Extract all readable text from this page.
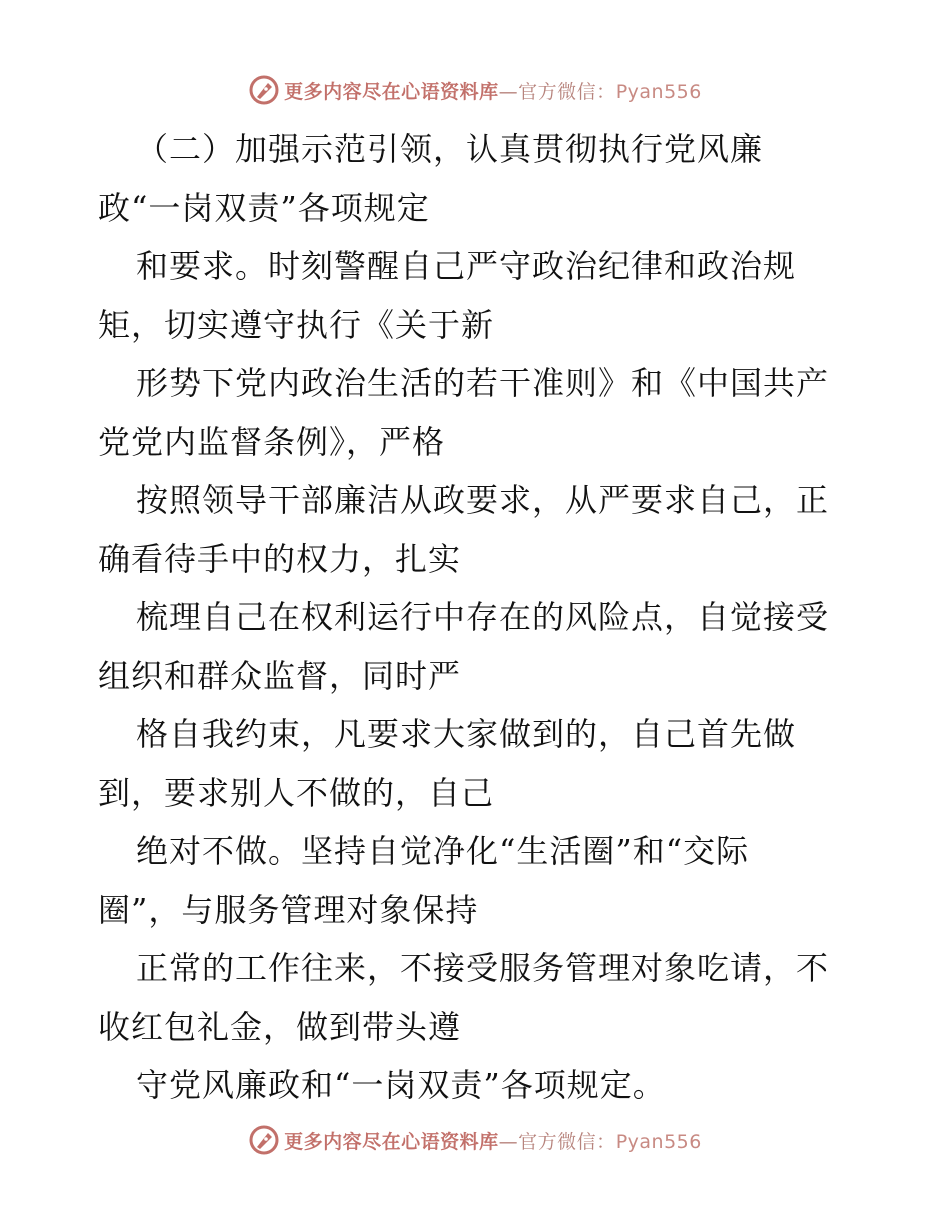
更多内容尽在心语资料库—官方微信：Pyan556
（二）加强示范引领，认真贯彻执行党风廉
政“一岗双责”各项规定
和要求。时刻警醒自己严守政治纪律和政治规
矩，切实遵守执行《关于新
形势下党内政治生活的若干准则》和《中国共产
党党内监督条例》，严格
按照领导干部廉洁从政要求，从严要求自己，正
确看待手中的权力，扎实
梳理自己在权利运行中存在的风险点，自觉接受
组织和群众监督，同时严
格自我约束，凡要求大家做到的，自己首先做
到，要求别人不做的，自己
绝对不做。坚持自觉净化“生活圈”和“交际
圈”，与服务管理对象保持
正常的工作往来，不接受服务管理对象吃请，不
收红包礼金，做到带头遵
守党风廉政和“一岗双责”各项规定。
更多内容尽在心语资料库—官方微信：Pyan556
